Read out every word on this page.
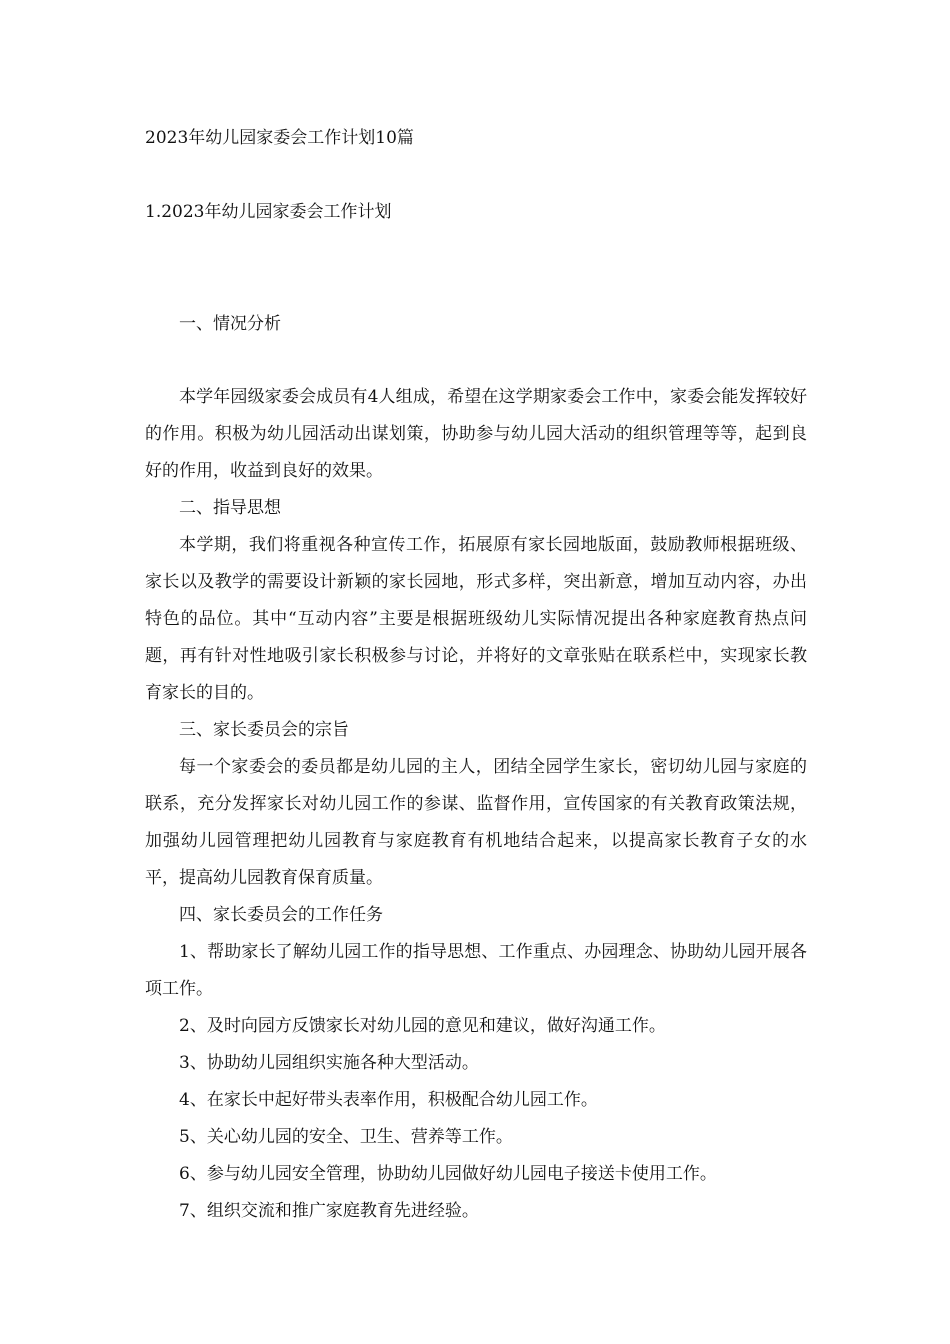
2023年幼儿园家委会工作计划10篇
1.2023年幼儿园家委会工作计划

一、情况分析

本学年园级家委会成员有4人组成，希望在这学期家委会工作中，家委会能发挥较好的作用。积极为幼儿园活动出谋划策，协助参与幼儿园大活动的组织管理等等，起到良好的作用，收益到良好的效果。

二、指导思想

本学期，我们将重视各种宣传工作，拓展原有家长园地版面，鼓励教师根据班级、家长以及教学的需要设计新颖的家长园地，形式多样，突出新意，增加互动内容，办出特色的品位。其中“互动内容”主要是根据班级幼儿实际情况提出各种家庭教育热点问题，再有针对性地吸引家长积极参与讨论，并将好的文章张贴在联系栏中，实现家长教育家长的目的。

三、家长委员会的宗旨

每一个家委会的委员都是幼儿园的主人，团结全园学生家长，密切幼儿园与家庭的联系，充分发挥家长对幼儿园工作的参谋、监督作用，宣传国家的有关教育政策法规，加强幼儿园管理把幼儿园教育与家庭教育有机地结合起来，以提高家长教育子女的水平，提高幼儿园教育保育质量。

四、家长委员会的工作任务

1、帮助家长了解幼儿园工作的指导思想、工作重点、办园理念、协助幼儿园开展各项工作。

2、及时向园方反馈家长对幼儿园的意见和建议，做好沟通工作。

3、协助幼儿园组织实施各种大型活动。

4、在家长中起好带头表率作用，积极配合幼儿园工作。

5、关心幼儿园的安全、卫生、营养等工作。

6、参与幼儿园安全管理，协助幼儿园做好幼儿园电子接送卡使用工作。

7、组织交流和推广家庭教育先进经验。
